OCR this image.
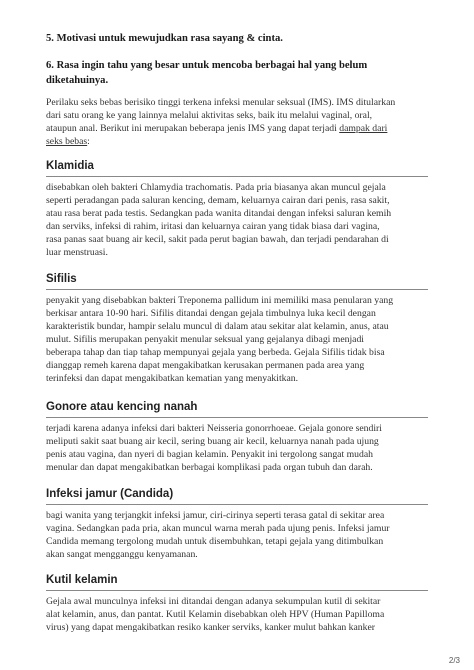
5. Motivasi untuk mewujudkan rasa sayang & cinta.
6. Rasa ingin tahu yang besar untuk mencoba berbagai hal yang belum
diketahuinya.
Perilaku seks bebas berisiko tinggi terkena infeksi menular seksual (IMS). IMS ditularkan
dari satu orang ke yang lainnya melalui aktivitas seks, baik itu melalui vaginal, oral,
ataupun anal. Berikut ini merupakan beberapa jenis IMS yang dapat terjadi dampak dari
seks bebas:
Klamidia
disebabkan oleh bakteri Chlamydia trachomatis. Pada pria biasanya akan muncul gejala
seperti peradangan pada saluran kencing, demam, keluarnya cairan dari penis, rasa sakit,
atau rasa berat pada testis. Sedangkan pada wanita ditandai dengan infeksi saluran kemih
dan serviks, infeksi di rahim, iritasi dan keluarnya cairan yang tidak biasa dari vagina,
rasa panas saat buang air kecil, sakit pada perut bagian bawah, dan terjadi pendarahan di
luar menstruasi.
Sifilis
penyakit yang disebabkan bakteri Treponema pallidum ini memiliki masa penularan yang
berkisar antara 10-90 hari. Sifilis ditandai dengan gejala timbulnya luka kecil dengan
karakteristik bundar, hampir selalu muncul di dalam atau sekitar alat kelamin, anus, atau
mulut. Sifilis merupakan penyakit menular seksual yang gejalanya dibagi menjadi
beberapa tahap dan tiap tahap mempunyai gejala yang berbeda. Gejala Sifilis tidak bisa
dianggap remeh karena dapat mengakibatkan kerusakan permanen pada area yang
terinfeksi dan dapat mengakibatkan kematian yang menyakitkan.
Gonore atau kencing nanah
terjadi karena adanya infeksi dari bakteri Neisseria gonorrhoeae. Gejala gonore sendiri
meliputi sakit saat buang air kecil, sering buang air kecil, keluarnya nanah pada ujung
penis atau vagina, dan nyeri di bagian kelamin. Penyakit ini tergolong sangat mudah
menular dan dapat mengakibatkan berbagai komplikasi pada organ tubuh dan darah.
Infeksi jamur (Candida)
bagi wanita yang terjangkit infeksi jamur, ciri-cirinya seperti terasa gatal di sekitar area
vagina. Sedangkan pada pria, akan muncul warna merah pada ujung penis. Infeksi jamur
Candida memang tergolong mudah untuk disembuhkan, tetapi gejala yang ditimbulkan
akan sangat mengganggu kenyamanan.
Kutil kelamin
Gejala awal munculnya infeksi ini ditandai dengan adanya sekumpulan kutil di sekitar
alat kelamin, anus, dan pantat. Kutil Kelamin disebabkan oleh HPV (Human Papilloma
virus) yang dapat mengakibatkan resiko kanker serviks, kanker mulut bahkan kanker
2/3
